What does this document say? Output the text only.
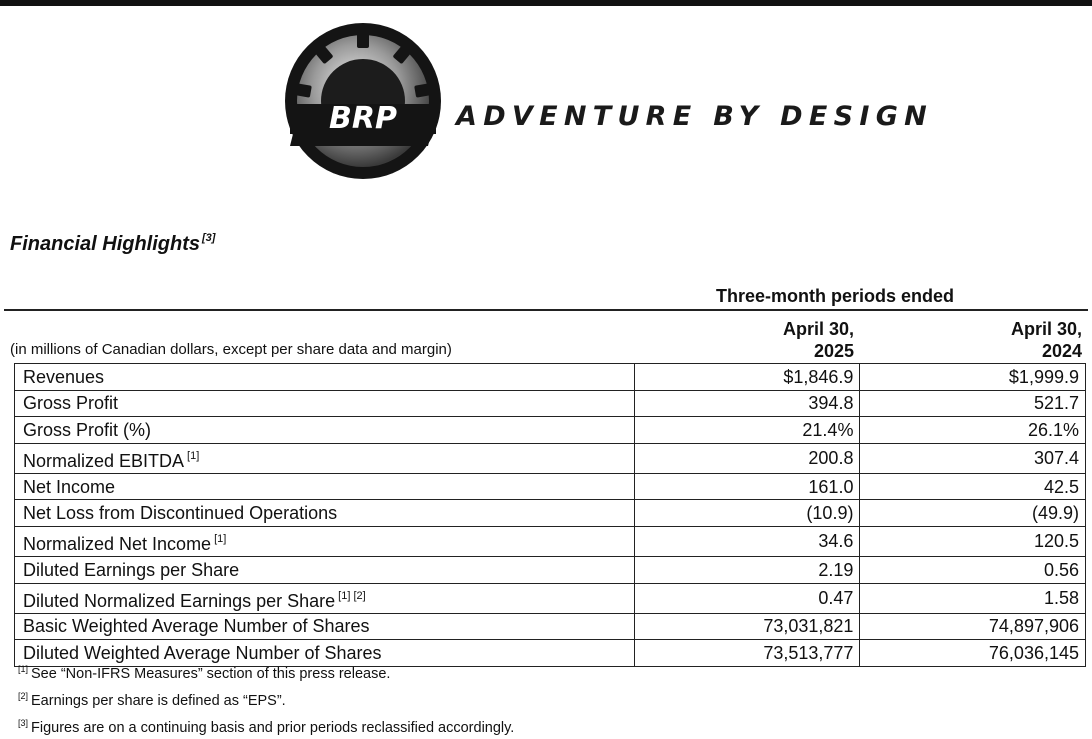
BRP ADVENTURE BY DESIGN
Financial Highlights [3]
Three-month periods ended
April 30,
2025
April 30,
2024
(in millions of Canadian dollars, except per share data and margin)
Revenues	$1,846.9	$1,999.9
Gross Profit	394.8	521.7
Gross Profit (%)	21.4%	26.1%
Normalized EBITDA [1]	200.8	307.4
Net Income	161.0	42.5
Net Loss from Discontinued Operations	(10.9)	(49.9)
Normalized Net Income [1]	34.6	120.5
Diluted Earnings per Share	2.19	0.56
Diluted Normalized Earnings per Share [1] [2]	0.47	1.58
Basic Weighted Average Number of Shares	73,031,821	74,897,906
Diluted Weighted Average Number of Shares	73,513,777	76,036,145
[1] See “Non-IFRS Measures” section of this press release.
[2] Earnings per share is defined as “EPS”.
[3] Figures are on a continuing basis and prior periods reclassified accordingly.
